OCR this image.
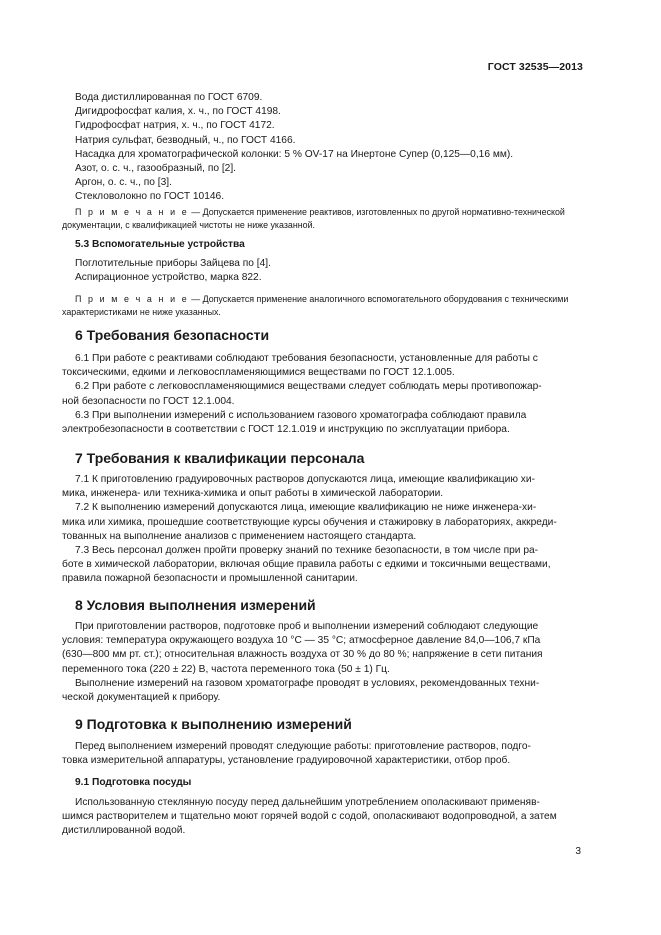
ГОСТ 32535—2013

Вода дистиллированная по ГОСТ 6709.

Дигидрофосфат калия, х. ч., по ГОСТ 4198.

Гидрофосфат натрия, х. ч., по ГОСТ 4172.

Натрия сульфат, безводный, ч., по ГОСТ 4166.

Насадка для хроматографической колонки: 5 % OV-17 на Инертоне Супер (0,125—0,16 мм).

Азот, о. с. ч., газообразный, по [2].

Аргон, о. с. ч., по [3].

Стекловолокно по ГОСТ 10146.

П р и м е ч а н и е — Допускается применение реактивов, изготовленных по другой нормативно-технической
документации, с квалификацией чистоты не ниже указанной.

5.3 Вспомогательные устройства

Поглотительные приборы Зайцева по [4].

Аспирационное устройство, марка 822.

П р и м е ч а н и е — Допускается применение аналогичного вспомогательного оборудования с техническими
характеристиками не ниже указанных.

6 Требования безопасности

6.1 При работе с реактивами соблюдают требования безопасности, установленные для работы с
токсическими, едкими и легковоспламеняющимися веществами по ГОСТ 12.1.005.
6.2 При работе с легковоспламеняющимися веществами следует соблюдать меры противопожар-
ной безопасности по ГОСТ 12.1.004.
6.3 При выполнении измерений с использованием газового хроматографа соблюдают правила
электробезопасности в соответствии с ГОСТ 12.1.019 и инструкцию по эксплуатации прибора.

7 Требования к квалификации персонала

7.1 К приготовлению градуировочных растворов допускаются лица, имеющие квалификацию хи-
мика, инженера- или техника-химика и опыт работы в химической лаборатории.
7.2 К выполнению измерений допускаются лица, имеющие квалификацию не ниже инженера-хи-
мика или химика, прошедшие соответствующие курсы обучения и стажировку в лабораториях, аккреди-
тованных на выполнение анализов с применением настоящего стандарта.
7.3 Весь персонал должен пройти проверку знаний по технике безопасности, в том числе при ра-
боте в химической лаборатории, включая общие правила работы с едкими и токсичными веществами,
правила пожарной безопасности и промышленной санитарии.

8 Условия выполнения измерений

При приготовлении растворов, подготовке проб и выполнении измерений соблюдают следующие
условия: температура окружающего воздуха 10 °С — 35 °С; атмосферное давление 84,0—106,7 кПа
(630—800 мм рт. ст.); относительная влажность воздуха от 30 % до 80 %; напряжение в сети питания
переменного тока (220 ± 22) В, частота переменного тока (50 ± 1) Гц.
Выполнение измерений на газовом хроматографе проводят в условиях, рекомендованных техни-
ческой документацией к прибору.

9 Подготовка к выполнению измерений

Перед выполнением измерений проводят следующие работы: приготовление растворов, подго-
товка измерительной аппаратуры, установление градуировочной характеристики, отбор проб.

9.1 Подготовка посуды

Использованную стеклянную посуду перед дальнейшим употреблением ополаскивают применяв-
шимся растворителем и тщательно моют горячей водой с содой, ополаскивают водопроводной, а затем
дистиллированной водой.
3
